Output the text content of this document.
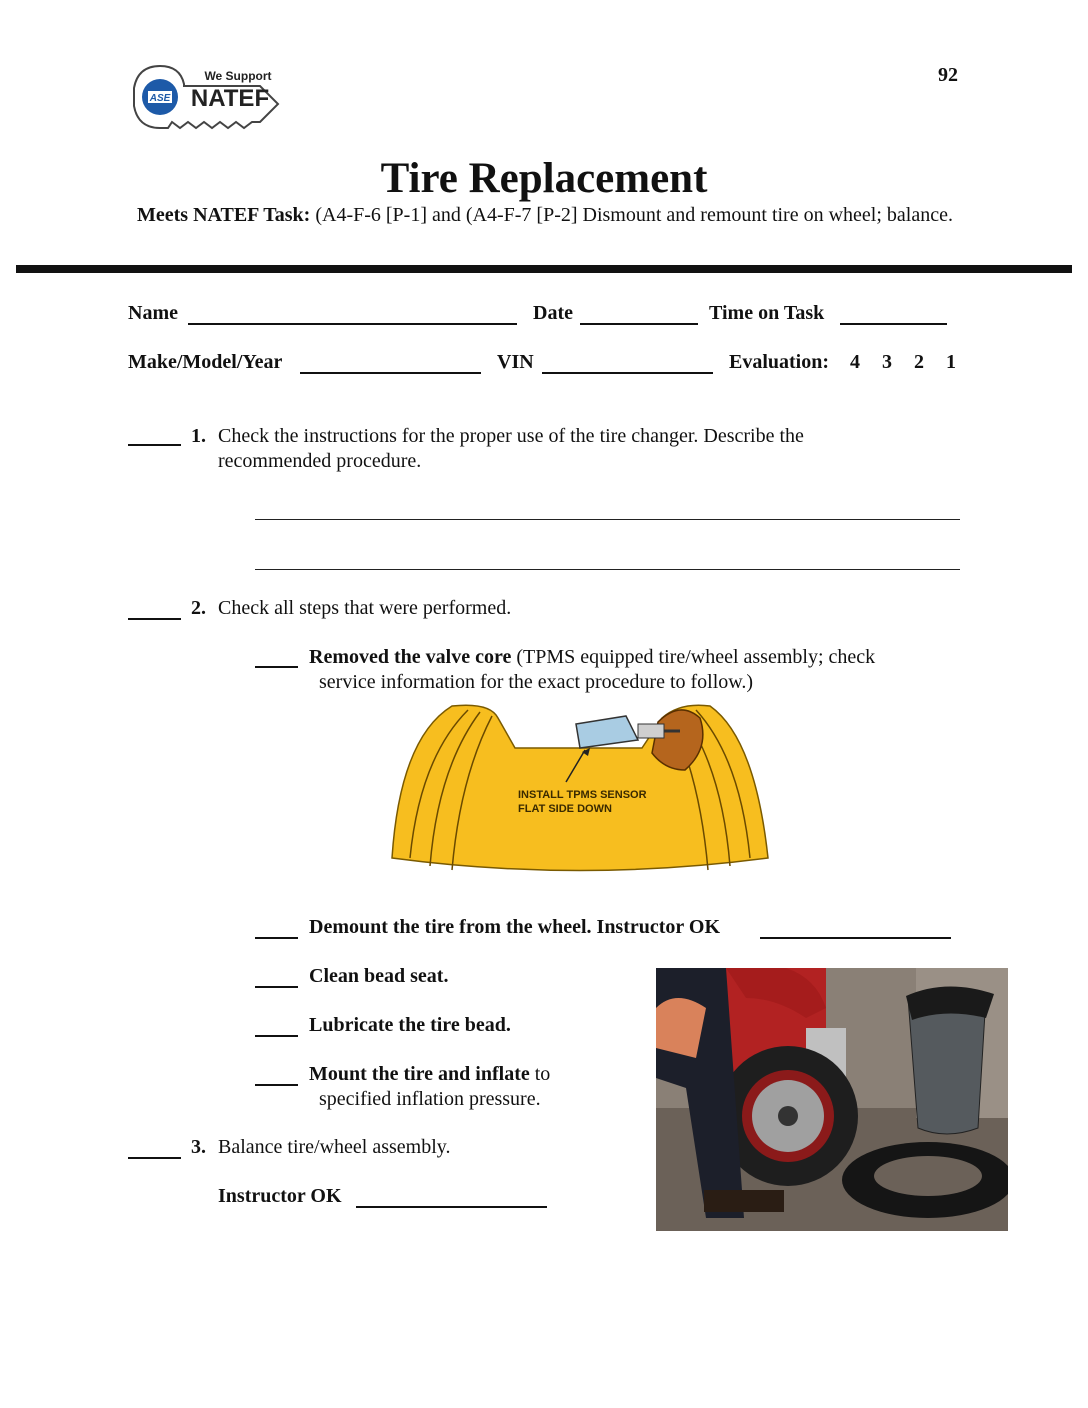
92
ASE
We Support
NATEF
Tire Replacement
Meets NATEF Task: (A4-F-6 [P-1] and (A4-F-7 [P-2] Dismount and remount tire on wheel; balance.
Name	Date	Time on Task
Make/Model/Year	VIN	Evaluation: 4 3 2 1
1. Check the instructions for the proper use of the tire changer. Describe the
recommended procedure.
2. Check all steps that were performed.
Removed the valve core (TPMS equipped tire/wheel assembly; check
service information for the exact procedure to follow.)
INSTALL TPMS SENSOR
FLAT SIDE DOWN
Demount the tire from the wheel. Instructor OK
Clean bead seat.
Lubricate the tire bead.
Mount the tire and inflate to
specified inflation pressure.
3. Balance tire/wheel assembly.
Instructor OK
